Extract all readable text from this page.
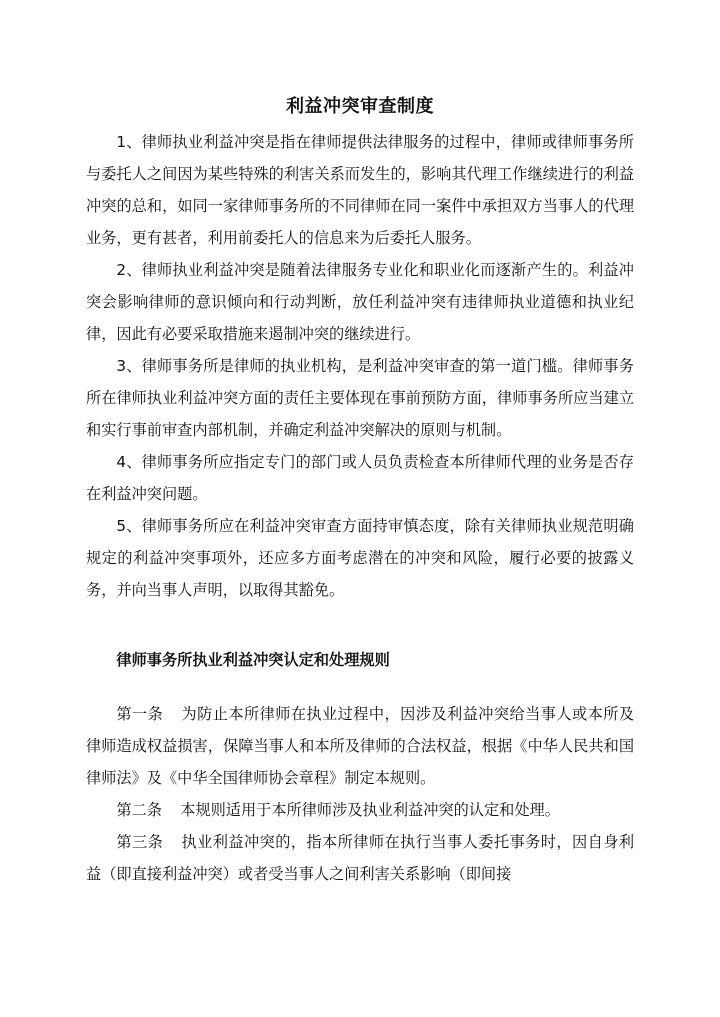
利益冲突审查制度

1、律师执业利益冲突是指在律师提供法律服务的过程中，律师或律师事务所与委托人之间因为某些特殊的利害关系而发生的，影响其代理工作继续进行的利益冲突的总和，如同一家律师事务所的不同律师在同一案件中承担双方当事人的代理业务，更有甚者，利用前委托人的信息来为后委托人服务。

2、律师执业利益冲突是随着法律服务专业化和职业化而逐渐产生的。利益冲突会影响律师的意识倾向和行动判断，放任利益冲突有违律师执业道德和执业纪律，因此有必要采取措施来遏制冲突的继续进行。

3、律师事务所是律师的执业机构，是利益冲突审查的第一道门槛。律师事务所在律师执业利益冲突方面的责任主要体现在事前预防方面，律师事务所应当建立和实行事前审查内部机制，并确定利益冲突解决的原则与机制。

4、律师事务所应指定专门的部门或人员负责检查本所律师代理的业务是否存在利益冲突问题。

5、律师事务所应在利益冲突审查方面持审慎态度，除有关律师执业规范明确规定的利益冲突事项外，还应多方面考虑潜在的冲突和风险，履行必要的披露义务，并向当事人声明，以取得其豁免。

律师事务所执业利益冲突认定和处理规则

第一条 为防止本所律师在执业过程中，因涉及利益冲突给当事人或本所及律师造成权益损害，保障当事人和本所及律师的合法权益，根据《中华人民共和国律师法》及《中华全国律师协会章程》制定本规则。

第二条 本规则适用于本所律师涉及执业利益冲突的认定和处理。

第三条 执业利益冲突的，指本所律师在执行当事人委托事务时，因自身利益（即直接利益冲突）或者受当事人之间利害关系影响（即间接
